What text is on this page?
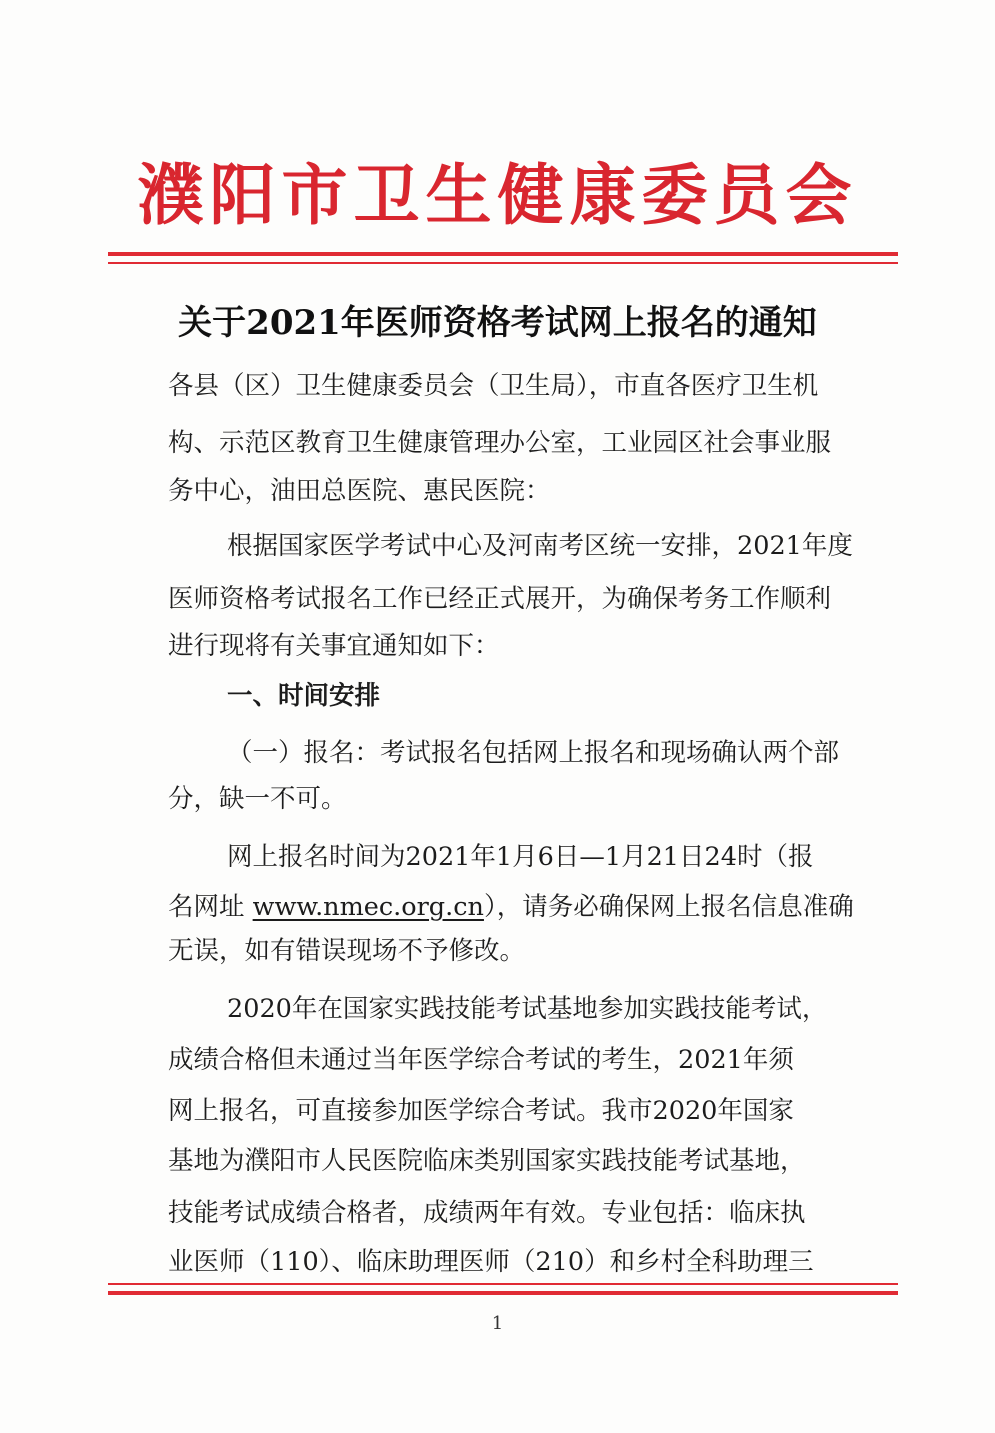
濮阳市卫生健康委员会
关于2021年医师资格考试网上报名的通知
各县（区）卫生健康委员会（卫生局），市直各医疗卫生机
构、示范区教育卫生健康管理办公室，工业园区社会事业服
务中心，油田总医院、惠民医院：
根据国家医学考试中心及河南考区统一安排，2021年度
医师资格考试报名工作已经正式展开，为确保考务工作顺利
进行现将有关事宜通知如下：
一、时间安排
（一）报名：考试报名包括网上报名和现场确认两个部
分，缺一不可。
网上报名时间为2021年1月6日—1月21日24时（报
名网址 www.nmec.org.cn），请务必确保网上报名信息准确
无误，如有错误现场不予修改。
2020年在国家实践技能考试基地参加实践技能考试，
成绩合格但未通过当年医学综合考试的考生，2021年须
网上报名，可直接参加医学综合考试。我市2020年国家
基地为濮阳市人民医院临床类别国家实践技能考试基地，
技能考试成绩合格者，成绩两年有效。专业包括：临床执
业医师（110）、临床助理医师（210）和乡村全科助理三
1
